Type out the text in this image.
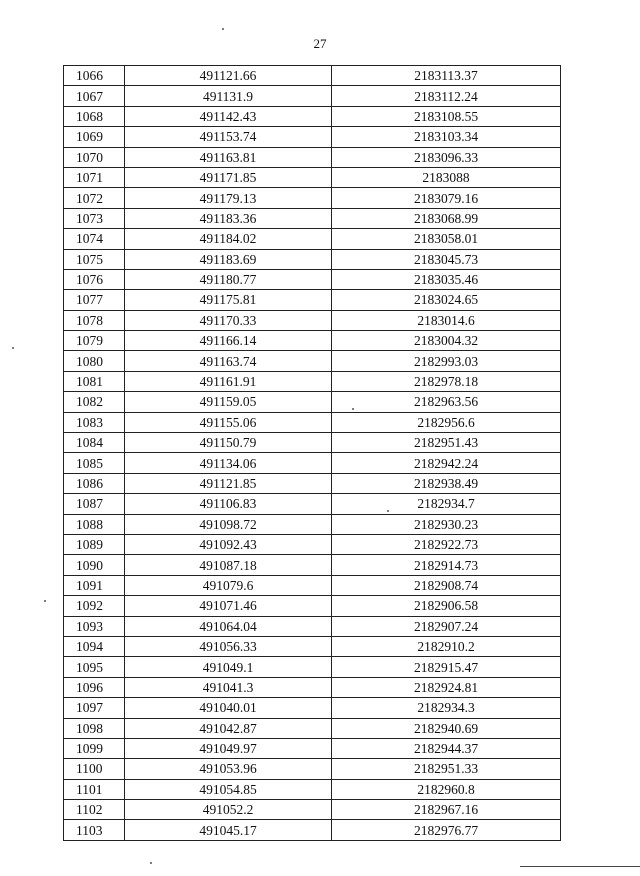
27
1066	491121.66	2183113.37
1067	491131.9	2183112.24
1068	491142.43	2183108.55
1069	491153.74	2183103.34
1070	491163.81	2183096.33
1071	491171.85	2183088
1072	491179.13	2183079.16
1073	491183.36	2183068.99
1074	491184.02	2183058.01
1075	491183.69	2183045.73
1076	491180.77	2183035.46
1077	491175.81	2183024.65
1078	491170.33	2183014.6
1079	491166.14	2183004.32
1080	491163.74	2182993.03
1081	491161.91	2182978.18
1082	491159.05	2182963.56
1083	491155.06	2182956.6
1084	491150.79	2182951.43
1085	491134.06	2182942.24
1086	491121.85	2182938.49
1087	491106.83	2182934.7
1088	491098.72	2182930.23
1089	491092.43	2182922.73
1090	491087.18	2182914.73
1091	491079.6	2182908.74
1092	491071.46	2182906.58
1093	491064.04	2182907.24
1094	491056.33	2182910.2
1095	491049.1	2182915.47
1096	491041.3	2182924.81
1097	491040.01	2182934.3
1098	491042.87	2182940.69
1099	491049.97	2182944.37
1100	491053.96	2182951.33
1101	491054.85	2182960.8
1102	491052.2	2182967.16
1103	491045.17	2182976.77
